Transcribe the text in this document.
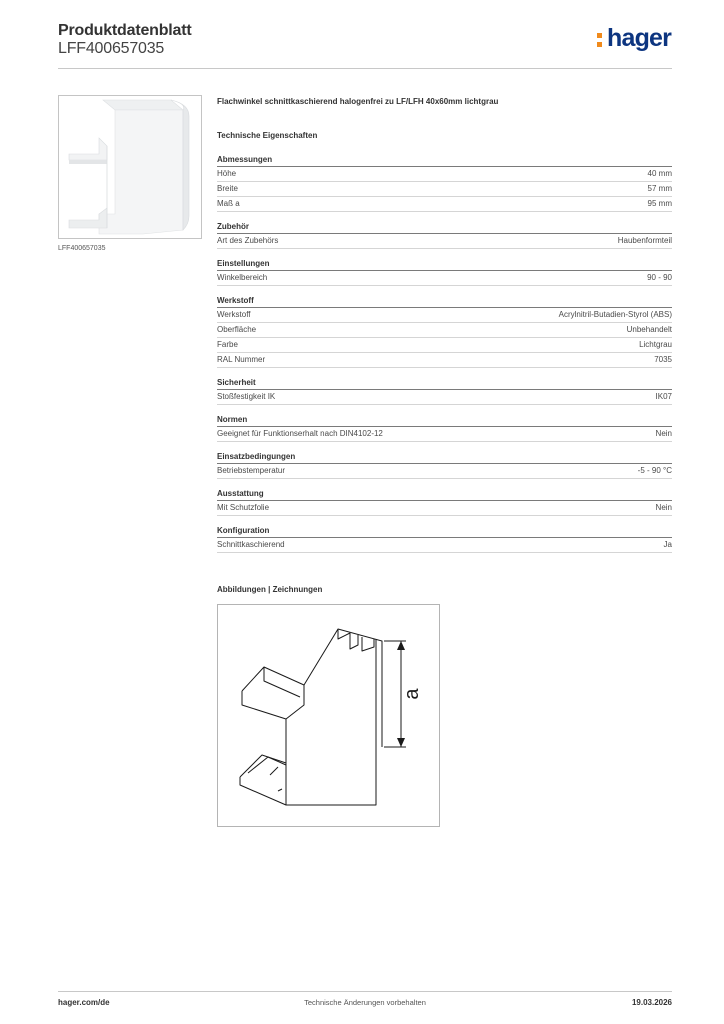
Produktdatenblatt
LFF400657035	hager
LFF400657035
Flachwinkel schnittkaschierend halogenfrei zu LF/LFH 40x60mm lichtgrau
Technische Eigenschaften
Abmessungen
Höhe	40 mm
Breite	57 mm
Maß a	95 mm
Zubehör
Art des Zubehörs	Haubenformteil
Einstellungen
Winkelbereich	90 - 90
Werkstoff
Werkstoff	Acrylnitril-Butadien-Styrol (ABS)
Oberfläche	Unbehandelt
Farbe	Lichtgrau
RAL Nummer	7035
Sicherheit
Stoßfestigkeit IK	IK07
Normen
Geeignet für Funktionserhalt nach DIN4102-12	Nein
Einsatzbedingungen
Betriebstemperatur	-5 - 90 °C
Ausstattung
Mit Schutzfolie	Nein
Konfiguration
Schnittkaschierend	Ja
Abbildungen | Zeichnungen
a
hager.com/de	Technische Änderungen vorbehalten	19.03.2026
